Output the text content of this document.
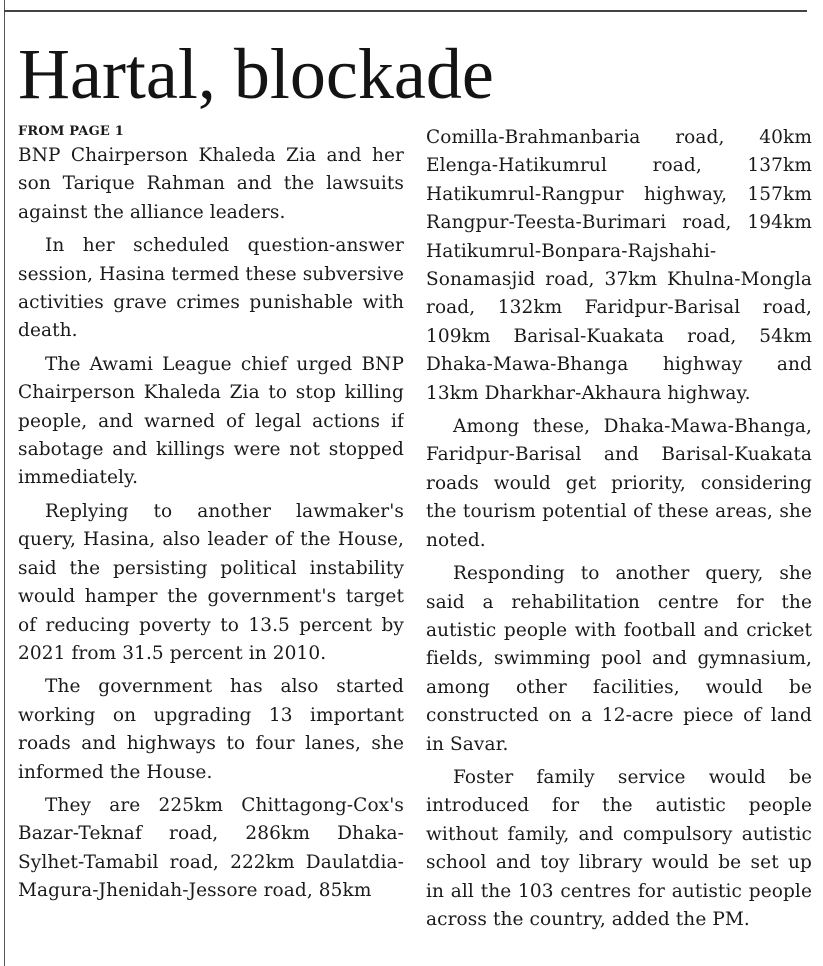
Hartal, blockade
FROM PAGE 1

BNP Chairperson Khaleda Zia and her son Tarique Rahman and the lawsuits against the alliance leaders.

In her scheduled question-answer session, Hasina termed these subversive activities grave crimes punishable with death.

The Awami League chief urged BNP Chairperson Khaleda Zia to stop killing people, and warned of legal actions if sabotage and killings were not stopped immediately.

Replying to another lawmaker's query, Hasina, also leader of the House, said the persisting political instability would hamper the government's target of reducing poverty to 13.5 percent by 2021 from 31.5 percent in 2010.

The government has also started working on upgrading 13 important roads and highways to four lanes, she informed the House.

They are 225km Chittagong-Cox's Bazar-Teknaf road, 286km Dhaka-Sylhet-Tamabil road, 222km Daulatdia-Magura-Jhenidah-Jessore road, 85km

Comilla-Brahmanbaria road, 40km Elenga-Hatikumrul road, 137km Hatikumrul-Rangpur highway, 157km Rangpur-Teesta-Burimari road, 194km Hatikumrul-Bonpara-Rajshahi-Sonamasjid road, 37km Khulna-Mongla road, 132km Faridpur-Barisal road, 109km Barisal-Kuakata road, 54km Dhaka-Mawa-Bhanga highway and 13km Dharkhar-Akhaura highway.

Among these, Dhaka-Mawa-Bhanga, Faridpur-Barisal and Barisal-Kuakata roads would get priority, considering the tourism potential of these areas, she noted.

Responding to another query, she said a rehabilitation centre for the autistic people with football and cricket fields, swimming pool and gymnasium, among other facilities, would be constructed on a 12-acre piece of land in Savar.

Foster family service would be introduced for the autistic people without family, and compulsory autistic school and toy library would be set up in all the 103 centres for autistic people across the country, added the PM.
